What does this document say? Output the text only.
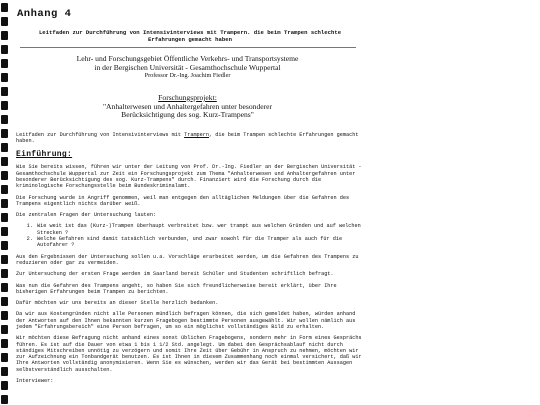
Anhang 4
Leitfaden zur Durchführung von Intensivinterviews mit Trampern. die beim Trampen schlechte Erfahrungen gemacht haben
Lehr- und Forschungsgebiet Öffentliche Verkehrs- und Transportsysteme
in der Bergischen Universität - Gesamthochschule Wuppertal
Professor Dr.-Ing. Joachim Fiedler
Forschungsprojekt:
"Anhalterwesen und Anhaltergefahren unter besonderer
Berücksichtigung des sog. Kurz-Trampens"
Leitfaden zur Durchführung von Intensivinterviews mit Trampern, die beim Trampen schlechte Erfahrungen gemacht haben.
Einführung:

Wie Sie bereits wissen, führen wir unter der Leitung von Prof. Dr.-Ing. Fiedler an der Bergischen Universität - Gesamthochschule Wuppertal zur Zeit ein Forschungsprojekt zum Thema "Anhalterwesen und Anhaltergefahren unter besonderer Berücksichtigung des sog. Kurz-Trampens" durch. Finanziert wird die Forschung durch die kriminologische Forschungsstelle beim Bundeskriminalamt.

Die Forschung wurde in Angriff genommen, weil man entgegen den alltäglichen Meldungen über die Gefahren des Trampens eigentlich nichts darüber weiß.

Die zentralen Fragen der Untersuchung lauten:

1. Wie weit ist das (Kurz-)Trampen überhaupt verbreitet bzw. wer trampt aus welchen Gründen und auf welchen Strecken ?
2. Welche Gefahren sind damit tatsächlich verbunden, und zwar sowohl für die Tramper als auch für die Autofahrer ?

Aus den Ergebnissen der Untersuchung sollen u.a. Vorschläge erarbeitet werden, um die Gefahren des Trampens zu reduzieren oder gar zu vermeiden.

Zur Untersuchung der ersten Frage werden im Saarland bereit Schüler und Studenten schriftlich befragt.

Was nun die Gefahren des Trampens angeht, so haben Sie sich freundlicherweise bereit erklärt, über Ihre bisherigen Erfahrungen beim Trampen zu berichten.

Dafür möchten wir uns bereits an dieser Stelle herzlich bedanken.

Da wir aus Kostengründen nicht alle Personen mündlich befragen können, die sich gemeldet haben, würden anhand der Antworten auf den Ihnen bekannten kurzen Fragebogen bestimmte Personen ausgewählt. Wir wollen nämlich aus jedem "Erfahrungsbereich" eine Person befragen, um so ein möglichst vollständiges Bild zu erhalten.

Wir möchten diese Befragung nicht anhand eines sonst üblichen Fragebogens, sondern mehr in Form eines Gesprächs führen. Es ist auf die Dauer von etwa 1 bis 1 1/2 Std. angelegt. Um dabei den Gesprächsablauf nicht durch ständiges Mitschreiben unnötig zu verzögern und somit Ihre Zeit über Gebühr in Anspruch zu nehmen, möchten wir zur Aufzeichnung ein Tonbandgerät benutzen. Es ist Ihnen in diesem Zusammenhang noch einmal versichert, daß wir Ihre Antworten vollständig anonymisieren. Wenn Sie es wünschen, werden wir das Gerät bei bestimmten Aussagen selbstverständlich ausschalten.

Interviewer:
